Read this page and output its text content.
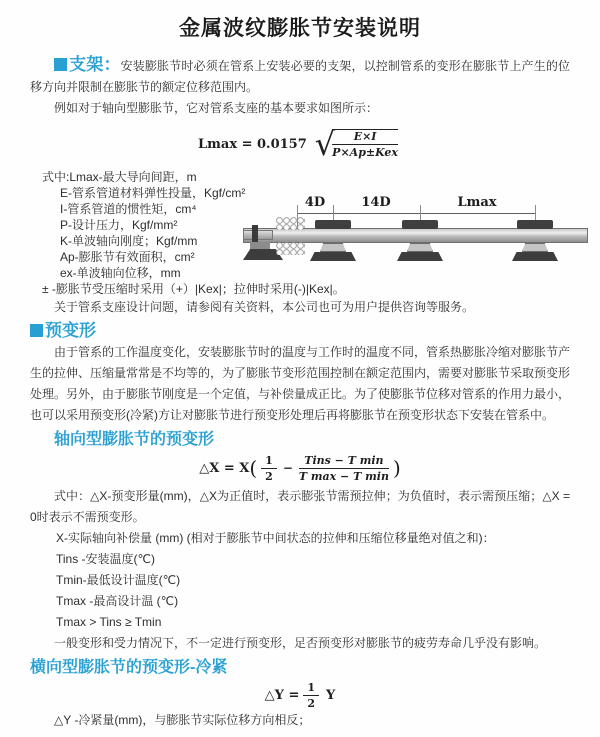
金属波纹膨胀节安装说明

支架：安装膨胀节时必须在管系上安装必要的支架，以控制管系的变形在膨胀节上产生的位移方向并限制在膨胀节的额定位移范围内。

例如对于轴向型膨胀节，它对管系支座的基本要求如图所示：

Lmax = 0.0157 √
$\frac{E\times I}{\text{P×Ap±Kex}}$
式中:Lmax-最大导向间距，m
E-管系管道材料弹性投量，Kgf/cm²
I-管系管道的惯性矩，cm⁴
P-设计压力，Kgf/mm²
K-单波轴向刚度；Kgf/mm
Ap-膨胀节有效面积，cm²
ex-单波轴向位移，mm
± -膨胀节受压缩时采用（+）|Kex|；拉伸时采用(-)|Kex|。

关于管系支座设计问题，请参阅有关资料，本公司也可为用户提供咨询等服务。

预变形

由于管系的工作温度变化，安装膨胀节时的温度与工作时的温度不同，管系热膨胀冷缩对膨胀节产生的拉伸、压缩量常常是不均等的，为了膨胀节变形范围控制在额定范围内，需要对膨胀节采取预变形处理。另外，由于膨胀节刚度是一个定值，与补偿量成正比。为了使膨胀节位移对管系的作用力最小，也可以采用预变形(冷紧)方让对膨胀节进行预变形处理后再将膨胀节在预变形状态下安装在管系中。

轴向型膨胀节的预变形
△X = X ( $\frac{1}{2} - \frac{\text{Tins − T min}}{\text{T max − T min}}$ )

式中：△X-预变形量(mm)，△X为正值时，表示膨张节需预拉伸；为负值时，表示需预压缩；△X = 0时表示不需预变形。

X-实际轴向补偿量 (mm) (相对于膨胀节中间状态的拉伸和压缩位移量绝对值之和)：

Tins -安装温度(℃)

Tmin-最低设计温度(℃)

Tmax -最高设计温 (℃)

Tmax > Tins ≥ Tmin

一般变形和受力情况下，不一定进行预变形，足否预变形对膨胀节的疲劳寿命几乎没有影响。

横向型膨胀节的预变形-冷紧
△Y = $\frac{1}{2}$ Y

△Y -冷紧量(mm)，与膨胀节实际位移方向相反；

4D	14D	Lmax
